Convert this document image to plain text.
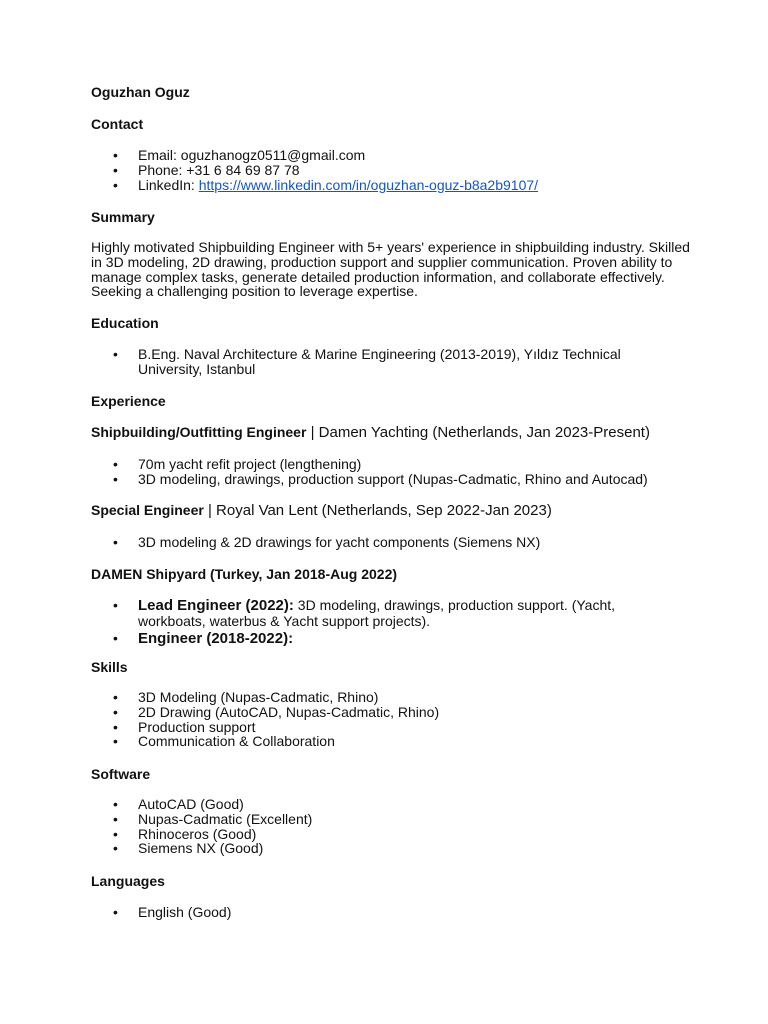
Oguzhan Oguz
Contact
• Email: oguzhanogz0511@gmail.com
• Phone: +31 6 84 69 87 78
• LinkedIn: https://www.linkedin.com/in/oguzhan-oguz-b8a2b9107/
Summary
Highly motivated Shipbuilding Engineer with 5+ years' experience in shipbuilding industry. Skilled in 3D modeling, 2D drawing, production support and supplier communication. Proven ability to manage complex tasks, generate detailed production information, and collaborate effectively. Seeking a challenging position to leverage expertise.
Education
• B.Eng. Naval Architecture & Marine Engineering (2013-2019), Yıldız Technical University, Istanbul
Experience
Shipbuilding/Outfitting Engineer | Damen Yachting (Netherlands, Jan 2023-Present)
• 70m yacht refit project (lengthening)
• 3D modeling, drawings, production support (Nupas-Cadmatic, Rhino and Autocad)
Special Engineer | Royal Van Lent (Netherlands, Sep 2022-Jan 2023)
• 3D modeling & 2D drawings for yacht components (Siemens NX)
DAMEN Shipyard (Turkey, Jan 2018-Aug 2022)
• Lead Engineer (2022): 3D modeling, drawings, production support. (Yacht, workboats, waterbus & Yacht support projects).
• Engineer (2018-2022):
Skills
• 3D Modeling (Nupas-Cadmatic, Rhino)
• 2D Drawing (AutoCAD, Nupas-Cadmatic, Rhino)
• Production support
• Communication & Collaboration
Software
• AutoCAD (Good)
• Nupas-Cadmatic (Excellent)
• Rhinoceros (Good)
• Siemens NX (Good)
Languages
• English (Good)
